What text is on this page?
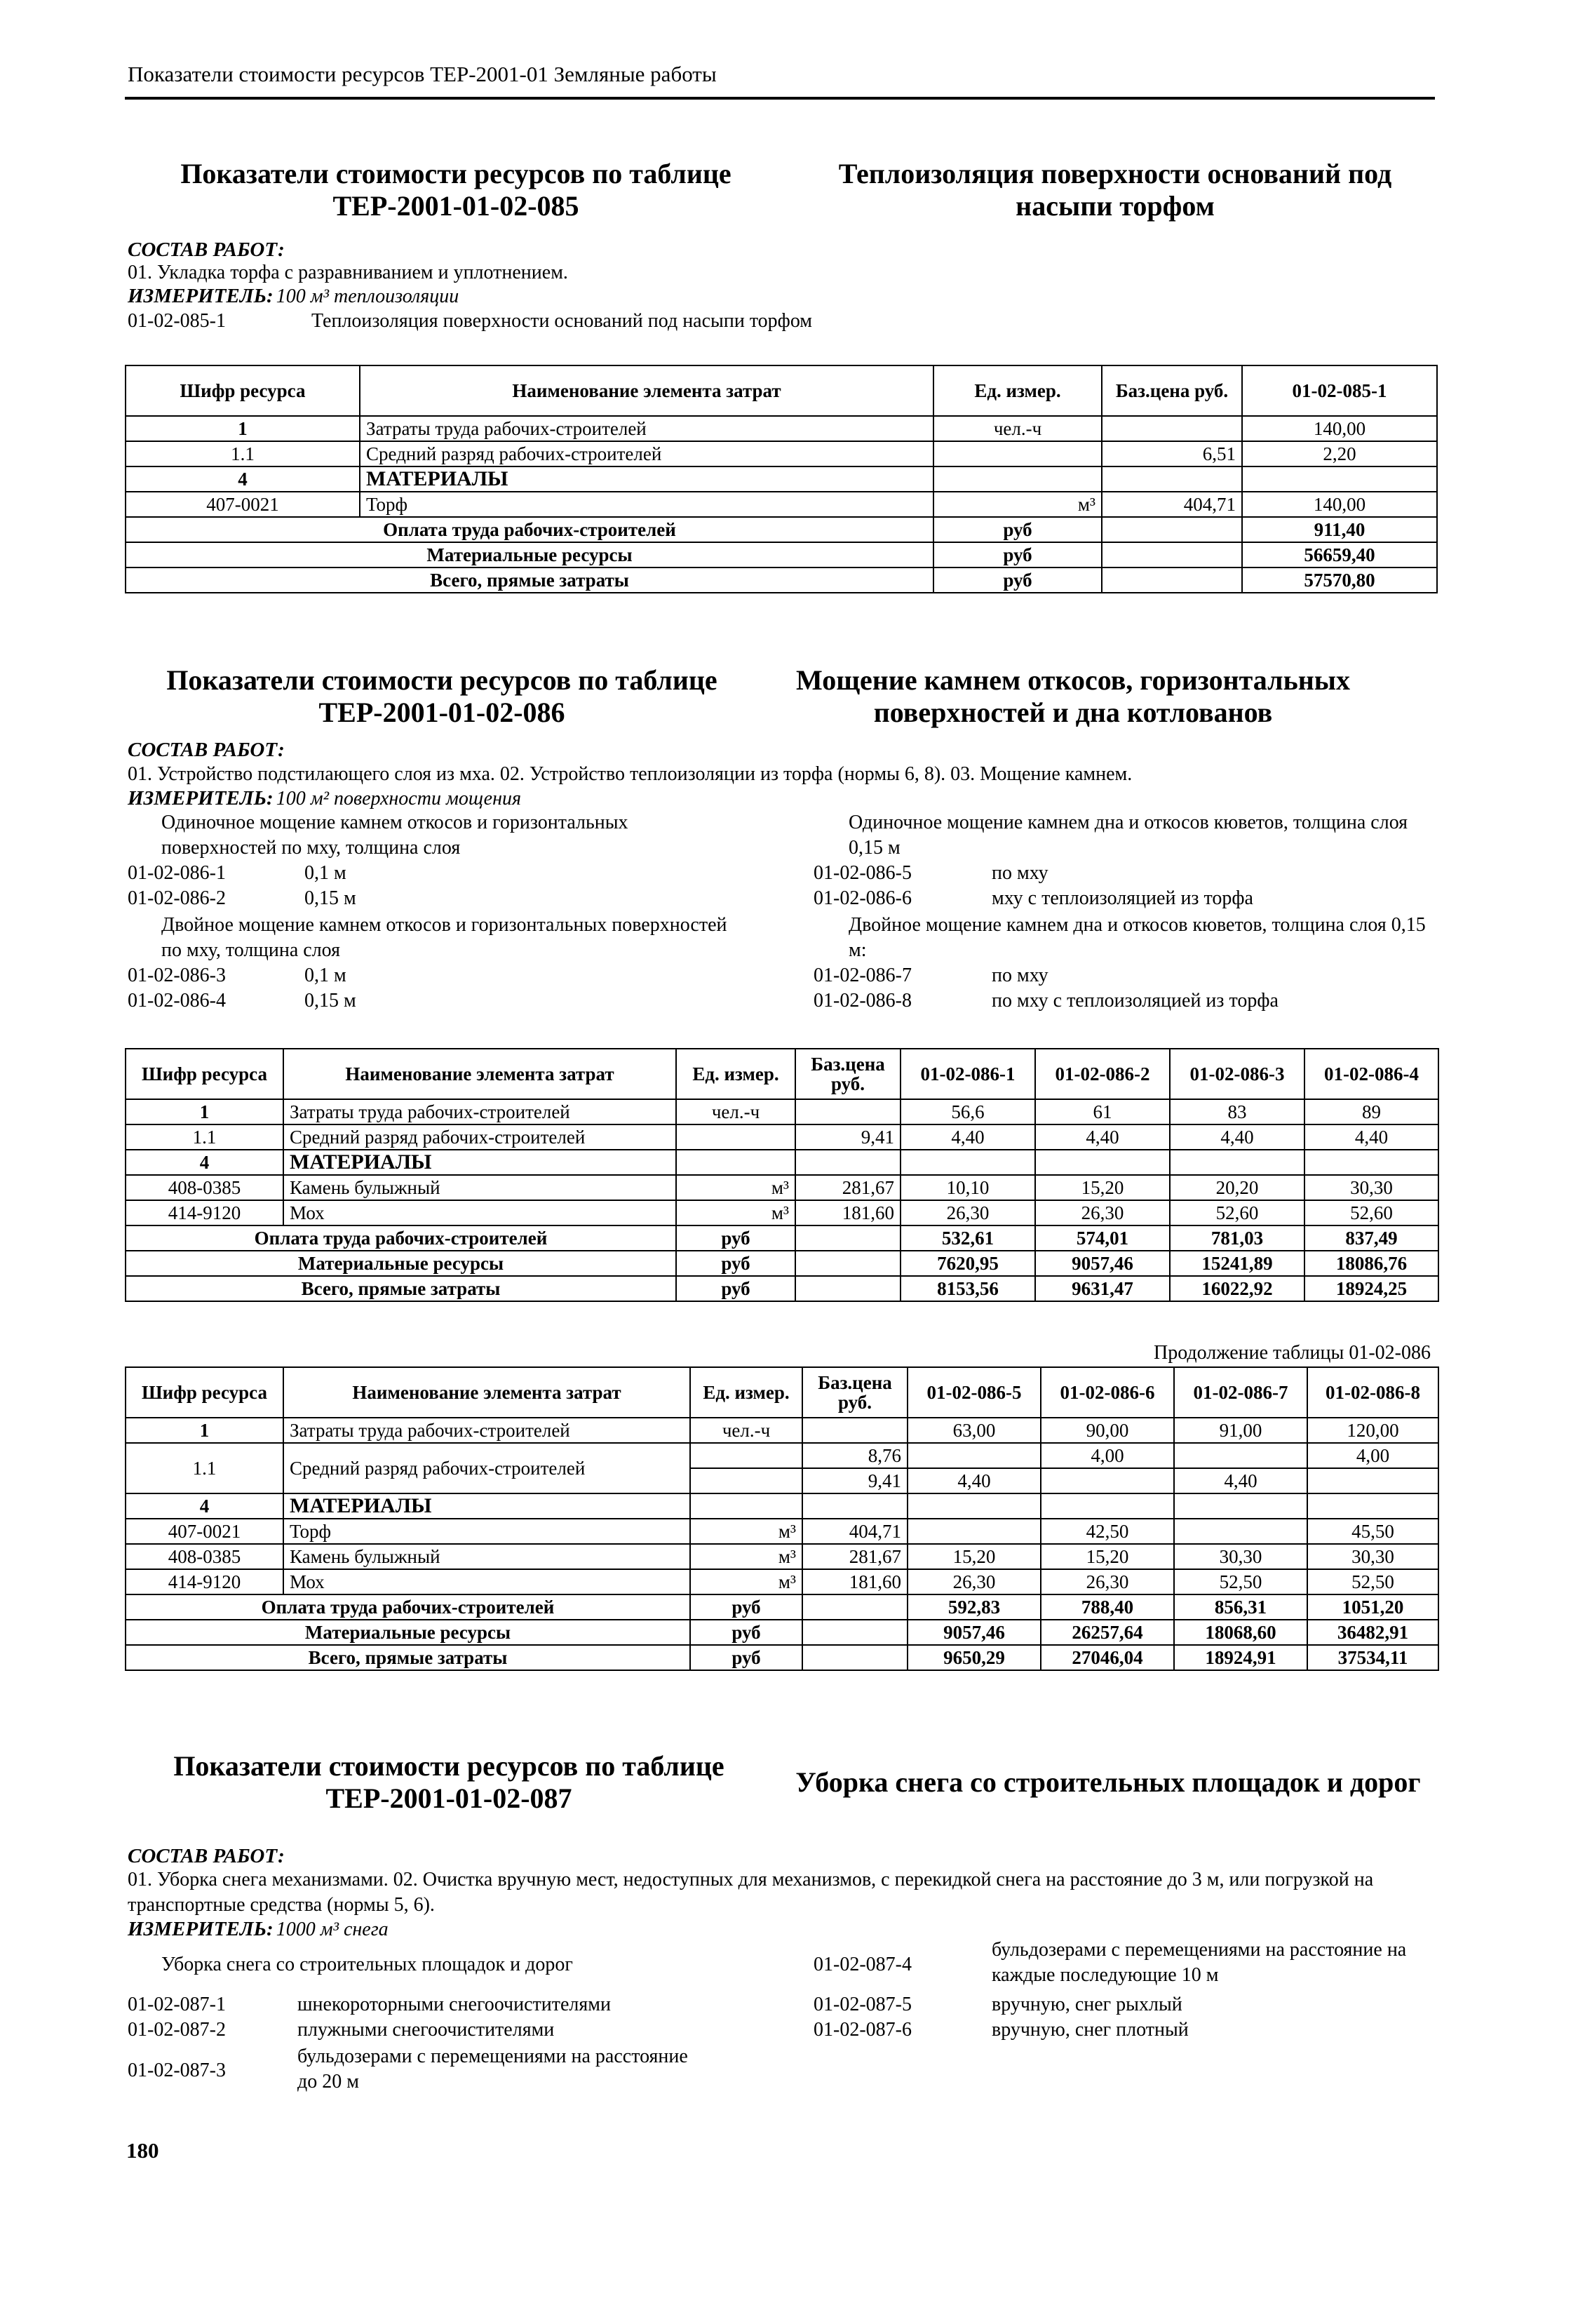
Показатели стоимости ресурсов ТЕР-2001-01 Земляные работы
Показатели стоимости ресурсов по таблице
ТЕР-2001-01-02-085
Теплоизоляция поверхности оснований под
насыпи торфом
СОСТАВ РАБОТ:
01. Укладка торфа с разравниванием и уплотнением.
ИЗМЕРИТЕЛЬ: 100 м³ теплоизоляции
01-02-085-1	Теплоизоляция поверхности оснований под насыпи торфом
Шифр ресурса	Наименование элемента затрат	Ед. измер.	Баз.цена руб.	01-02-085-1
1	Затраты труда рабочих-строителей	чел.-ч		140,00
1.1	Средний разряд рабочих-строителей		6,51	2,20
4	МАТЕРИАЛЫ			
407-0021	Торф	м³	404,71	140,00
Оплата труда рабочих-строителей		руб		911,40
Материальные ресурсы		руб		56659,40
Всего, прямые затраты		руб		57570,80
Показатели стоимости ресурсов по таблице
ТЕР-2001-01-02-086
Мощение камнем откосов, горизонтальных
поверхностей и дна котлованов
СОСТАВ РАБОТ:
01. Устройство подстилающего слоя из мха. 02. Устройство теплоизоляции из торфа (нормы 6, 8). 03. Мощение камнем.
ИЗМЕРИТЕЛЬ: 100 м² поверхности мощения
Одиночное мощение камнем откосов и горизонтальных поверхностей по мху, толщина слоя
01-02-086-1	0,1 м
01-02-086-2	0,15 м
Двойное мощение камнем откосов и горизонтальных поверхностей по мху, толщина слоя
01-02-086-3	0,1 м
01-02-086-4	0,15 м
Одиночное мощение камнем дна и откосов кюветов, толщина слоя 0,15 м
01-02-086-5	по мху
01-02-086-6	мху с теплоизоляцией из торфа
Двойное мощение камнем дна и откосов кюветов, толщина слоя 0,15 м:
01-02-086-7	по мху
01-02-086-8	по мху с теплоизоляцией из торфа
Шифр ресурса	Наименование элемента затрат	Ед. измер.	Баз.цена руб.	01-02-086-1	01-02-086-2	01-02-086-3	01-02-086-4
1	Затраты труда рабочих-строителей	чел.-ч		56,6	61	83	89
1.1	Средний разряд рабочих-строителей		9,41	4,40	4,40	4,40	4,40
4	МАТЕРИАЛЫ						
408-0385	Камень булыжный	м³	281,67	10,10	15,20	20,20	30,30
414-9120	Мох	м³	181,60	26,30	26,30	52,60	52,60
Оплата труда рабочих-строителей		руб		532,61	574,01	781,03	837,49
Материальные ресурсы		руб		7620,95	9057,46	15241,89	18086,76
Всего, прямые затраты		руб		8153,56	9631,47	16022,92	18924,25
Продолжение таблицы 01-02-086
Шифр ресурса	Наименование элемента затрат	Ед. измер.	Баз.цена руб.	01-02-086-5	01-02-086-6	01-02-086-7	01-02-086-8
1	Затраты труда рабочих-строителей	чел.-ч		63,00	90,00	91,00	120,00
1.1	Средний разряд рабочих-строителей		8,76		4,00		4,00
			9,41	4,40		4,40	
4	МАТЕРИАЛЫ						
407-0021	Торф	м³	404,71		42,50		45,50
408-0385	Камень булыжный	м³	281,67	15,20	15,20	30,30	30,30
414-9120	Мох	м³	181,60	26,30	26,30	52,50	52,50
Оплата труда рабочих-строителей		руб		592,83	788,40	856,31	1051,20
Материальные ресурсы		руб		9057,46	26257,64	18068,60	36482,91
Всего, прямые затраты		руб		9650,29	27046,04	18924,91	37534,11
Показатели стоимости ресурсов по таблице
ТЕР-2001-01-02-087
Уборка снега со строительных площадок и дорог
СОСТАВ РАБОТ:
01. Уборка снега механизмами. 02. Очистка вручную мест, недоступных для механизмов, с перекидкой снега на расстояние до 3 м, или погрузкой на транспортные средства (нормы 5, 6).
ИЗМЕРИТЕЛЬ: 1000 м³ снега
Уборка снега со строительных площадок и дорог
01-02-087-1	шнекороторными снегоочистителями
01-02-087-2	плужными снегоочистителями
01-02-087-3
бульдозерами с перемещениями на расстояние до 20 м
01-02-087-4
бульдозерами с перемещениями на расстояние на каждые последующие 10 м
01-02-087-5	вручную, снег рыхлый
01-02-087-6	вручную, снег плотный
180
